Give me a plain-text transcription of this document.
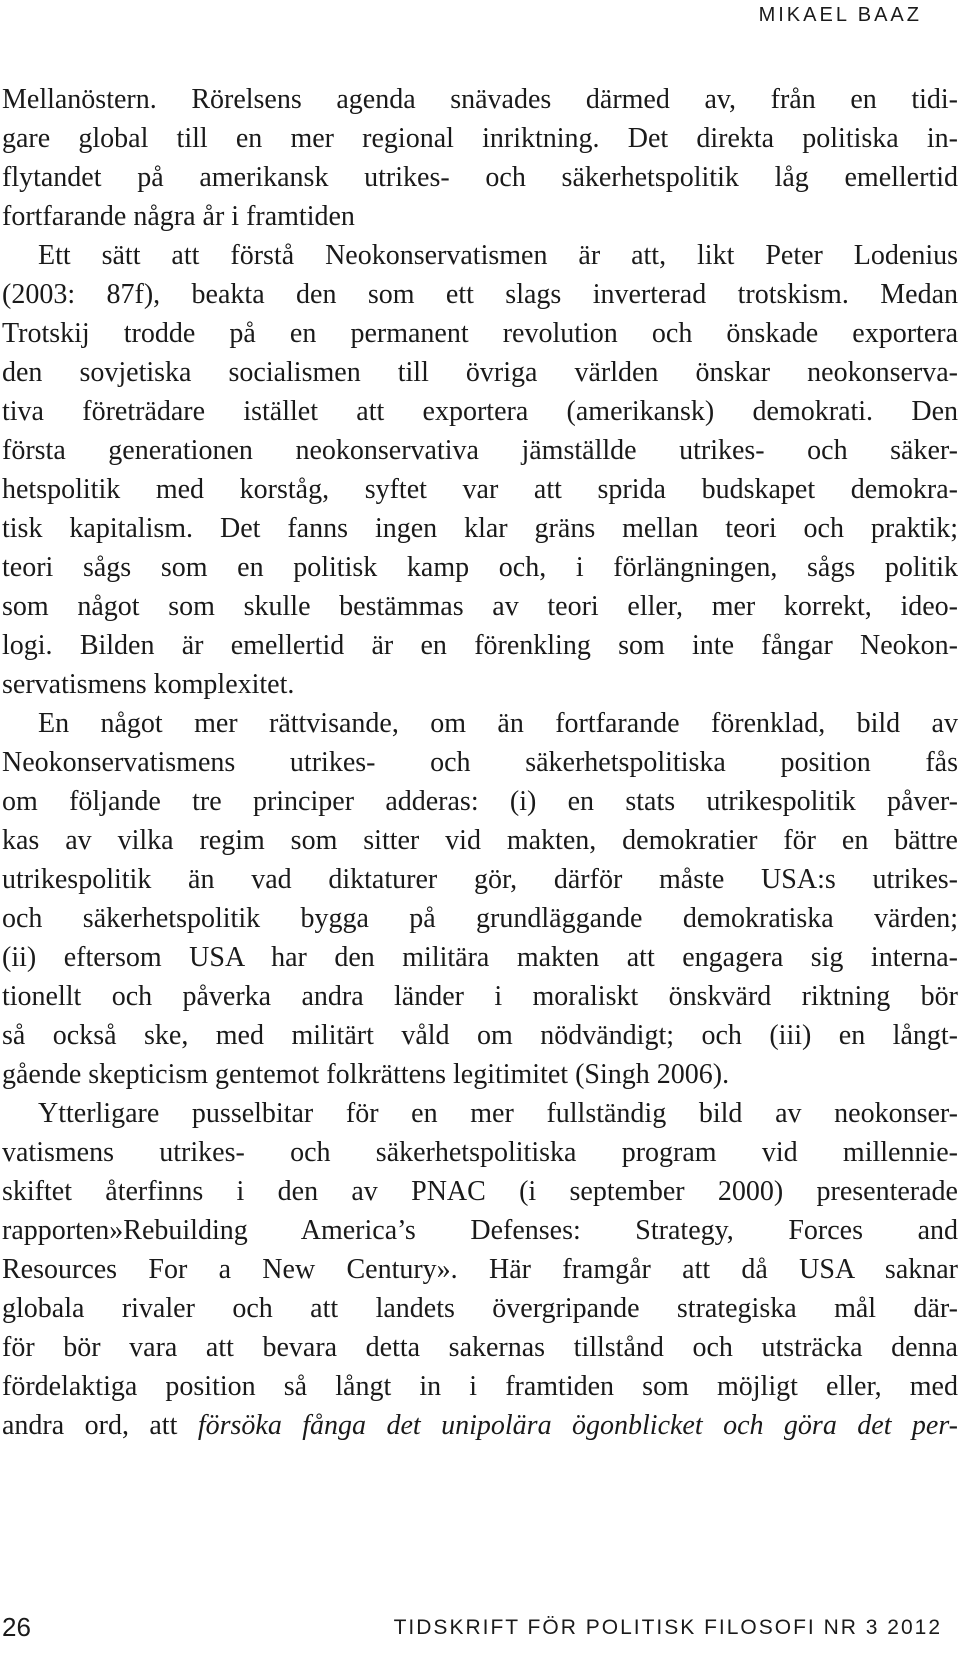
MIKAEL BAAZ
Mellanöstern. Rörelsens agenda snävades därmed av, från en tidi-
gare global till en mer regional inriktning. Det direkta politiska in-
flytandet på amerikansk utrikes- och säkerhetspolitik låg emellertid
fortfarande några år i framtiden
Ett sätt att förstå Neokonservatismen är att, likt Peter Lodenius
(2003: 87f), beakta den som ett slags inverterad trotskism. Medan
Trotskij trodde på en permanent revolution och önskade exportera
den sovjetiska socialismen till övriga världen önskar neokonserva-
tiva företrädare istället att exportera (amerikansk) demokrati. Den
första generationen neokonservativa jämställde utrikes- och säker-
hetspolitik med korståg, syftet var att sprida budskapet demokra-
tisk kapitalism. Det fanns ingen klar gräns mellan teori och praktik;
teori sågs som en politisk kamp och, i förlängningen, sågs politik
som något som skulle bestämmas av teori eller, mer korrekt, ideo-
logi. Bilden är emellertid är en förenkling som inte fångar Neokon-
servatismens komplexitet.
En något mer rättvisande, om än fortfarande förenklad, bild av
Neokonservatismens utrikes- och säkerhetspolitiska position fås
om följande tre principer adderas: (i) en stats utrikespolitik påver-
kas av vilka regim som sitter vid makten, demokratier för en bättre
utrikespolitik än vad diktaturer gör, därför måste USA:s utrikes-
och säkerhetspolitik bygga på grundläggande demokratiska värden;
(ii) eftersom USA har den militära makten att engagera sig interna-
tionellt och påverka andra länder i moraliskt önskvärd riktning bör
så också ske, med militärt våld om nödvändigt; och (iii) en långt-
gående skepticism gentemot folkrättens legitimitet (Singh 2006).
Ytterligare pusselbitar för en mer fullständig bild av neokonser-
vatismens utrikes- och säkerhetspolitiska program vid millennie-
skiftet återfinns i den av PNAC (i september 2000) presenterade
rapporten»Rebuilding America’s Defenses: Strategy, Forces and
Resources For a New Century». Här framgår att då USA saknar
globala rivaler och att landets övergripande strategiska mål där-
för bör vara att bevara detta sakernas tillstånd och utsträcka denna
fördelaktiga position så långt in i framtiden som möjligt eller, med
andra ord, att försöka fånga det unipolära ögonblicket och göra det per-
26	TIDSKRIFT FÖR POLITISK FILOSOFI NR 3 2012
